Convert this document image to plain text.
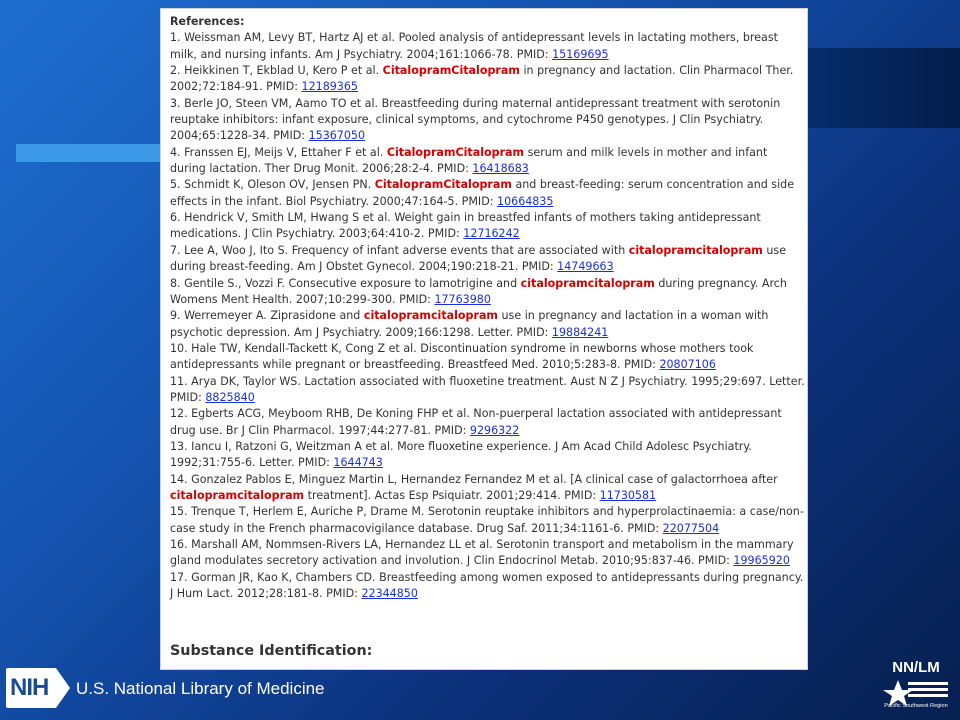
References:

1. Weissman AM, Levy BT, Hartz AJ et al. Pooled analysis of antidepressant levels in lactating mothers, breast milk, and nursing infants. Am J Psychiatry. 2004;161:1066-78. PMID: 15169695

2. Heikkinen T, Ekblad U, Kero P et al. CitalopramCitalopram in pregnancy and lactation. Clin Pharmacol Ther. 2002;72:184-91. PMID: 12189365

3. Berle JO, Steen VM, Aamo TO et al. Breastfeeding during maternal antidepressant treatment with serotonin reuptake inhibitors: infant exposure, clinical symptoms, and cytochrome P450 genotypes. J Clin Psychiatry. 2004;65:1228-34. PMID: 15367050

4. Franssen EJ, Meijs V, Ettaher F et al. CitalopramCitalopram serum and milk levels in mother and infant during lactation. Ther Drug Monit. 2006;28:2-4. PMID: 16418683

5. Schmidt K, Oleson OV, Jensen PN. CitalopramCitalopram and breast-feeding: serum concentration and side effects in the infant. Biol Psychiatry. 2000;47:164-5. PMID: 10664835

6. Hendrick V, Smith LM, Hwang S et al. Weight gain in breastfed infants of mothers taking antidepressant medications. J Clin Psychiatry. 2003;64:410-2. PMID: 12716242

7. Lee A, Woo J, Ito S. Frequency of infant adverse events that are associated with citalopramcitalopram use during breast-feeding. Am J Obstet Gynecol. 2004;190:218-21. PMID: 14749663

8. Gentile S., Vozzi F. Consecutive exposure to lamotrigine and citalopramcitalopram during pregnancy. Arch Womens Ment Health. 2007;10:299-300. PMID: 17763980

9. Werremeyer A. Ziprasidone and citalopramcitalopram use in pregnancy and lactation in a woman with psychotic depression. Am J Psychiatry. 2009;166:1298. Letter. PMID: 19884241

10. Hale TW, Kendall-Tackett K, Cong Z et al. Discontinuation syndrome in newborns whose mothers took antidepressants while pregnant or breastfeeding. Breastfeed Med. 2010;5:283-8. PMID: 20807106

11. Arya DK, Taylor WS. Lactation associated with fluoxetine treatment. Aust N Z J Psychiatry. 1995;29:697. Letter. PMID: 8825840

12. Egberts ACG, Meyboom RHB, De Koning FHP et al. Non-puerperal lactation associated with antidepressant drug use. Br J Clin Pharmacol. 1997;44:277-81. PMID: 9296322

13. Iancu I, Ratzoni G, Weitzman A et al. More fluoxetine experience. J Am Acad Child Adolesc Psychiatry. 1992;31:755-6. Letter. PMID: 1644743

14. Gonzalez Pablos E, Minguez Martin L, Hernandez Fernandez M et al. [A clinical case of galactorrhoea after citalopramcitalopram treatment]. Actas Esp Psiquiatr. 2001;29:414. PMID: 11730581

15. Trenque T, Herlem E, Auriche P, Drame M. Serotonin reuptake inhibitors and hyperprolactinaemia: a case/non-case study in the French pharmacovigilance database. Drug Saf. 2011;34:1161-6. PMID: 22077504

16. Marshall AM, Nommsen-Rivers LA, Hernandez LL et al. Serotonin transport and metabolism in the mammary gland modulates secretory activation and involution. J Clin Endocrinol Metab. 2010;95:837-46. PMID: 19965920

17. Gorman JR, Kao K, Chambers CD. Breastfeeding among women exposed to antidepressants during pregnancy. J Hum Lact. 2012;28:181-8. PMID: 22344850

Substance Identification:
NIH	U.S. National Library of Medicine
NN/LM
Pacific Southwest Region
